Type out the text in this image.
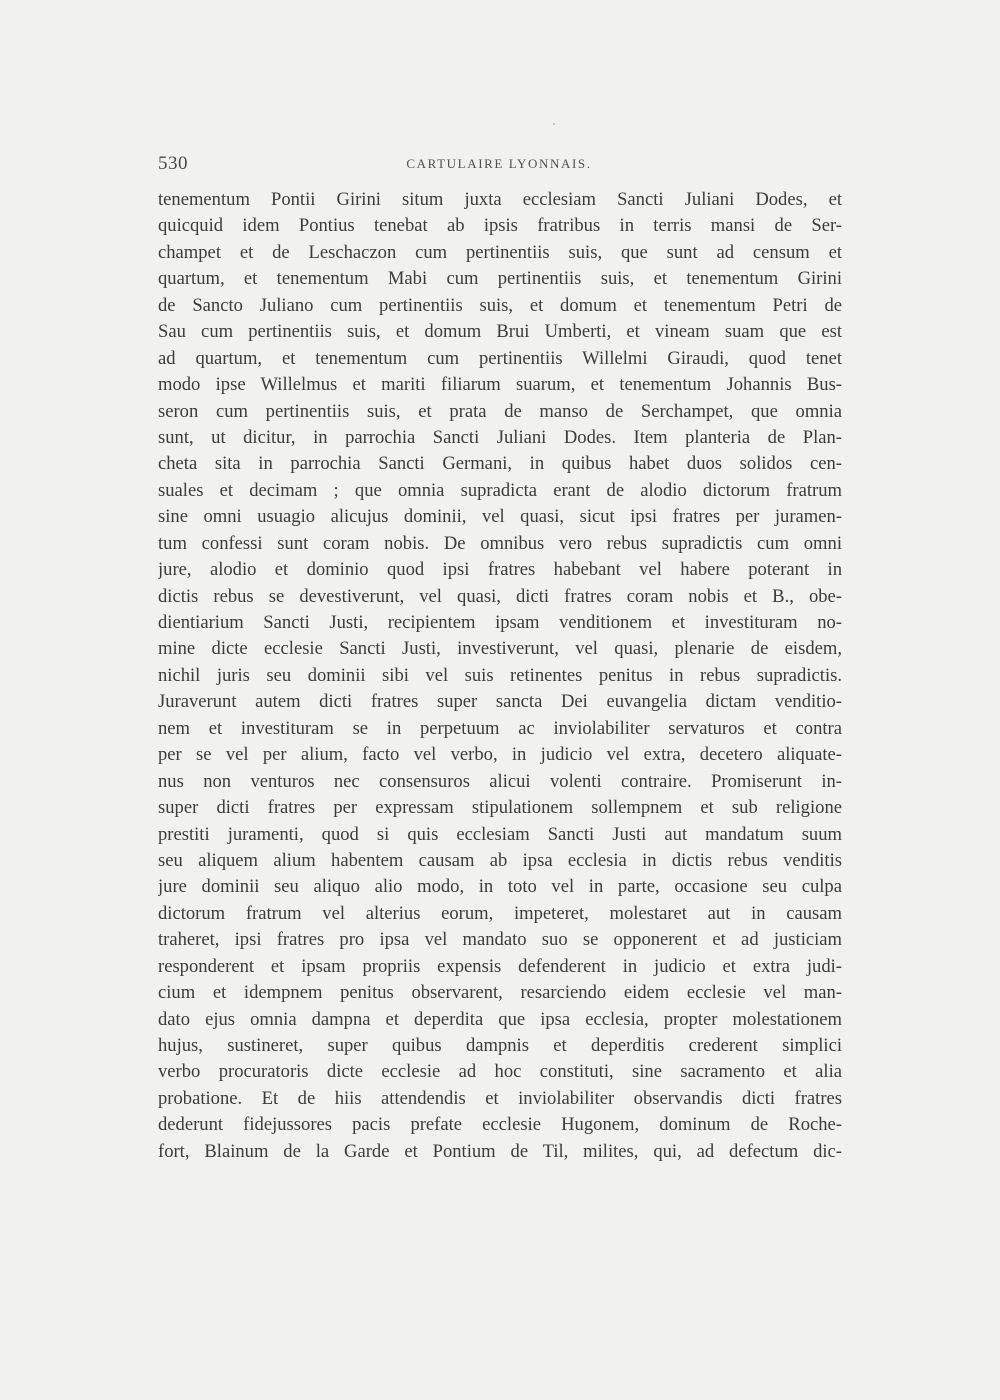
530	CARTULAIRE LYONNAIS.
tenementum Pontii Girini situm juxta ecclesiam Sancti Juliani Dodes, et
quicquid idem Pontius tenebat ab ipsis fratribus in terris mansi de Ser-
champet et de Leschaczon cum pertinentiis suis, que sunt ad censum et
quartum, et tenementum Mabi cum pertinentiis suis, et tenementum Girini
de Sancto Juliano cum pertinentiis suis, et domum et tenementum Petri de
Sau cum pertinentiis suis, et domum Brui Umberti, et vineam suam que est
ad quartum, et tenementum cum pertinentiis Willelmi Giraudi, quod tenet
modo ipse Willelmus et mariti filiarum suarum, et tenementum Johannis Bus-
seron cum pertinentiis suis, et prata de manso de Serchampet, que omnia
sunt, ut dicitur, in parrochia Sancti Juliani Dodes. Item planteria de Plan-
cheta sita in parrochia Sancti Germani, in quibus habet duos solidos cen-
suales et decimam ; que omnia supradicta erant de alodio dictorum fratrum
sine omni usuagio alicujus dominii, vel quasi, sicut ipsi fratres per juramen-
tum confessi sunt coram nobis. De omnibus vero rebus supradictis cum omni
jure, alodio et dominio quod ipsi fratres habebant vel habere poterant in
dictis rebus se devestiverunt, vel quasi, dicti fratres coram nobis et B., obe-
dientiarium Sancti Justi, recipientem ipsam venditionem et investituram no-
mine dicte ecclesie Sancti Justi, investiverunt, vel quasi, plenarie de eisdem,
nichil juris seu dominii sibi vel suis retinentes penitus in rebus supradictis.
Juraverunt autem dicti fratres super sancta Dei euvangelia dictam venditio-
nem et investituram se in perpetuum ac inviolabiliter servaturos et contra
per se vel per alium, facto vel verbo, in judicio vel extra, decetero aliquate-
nus non venturos nec consensuros alicui volenti contraire. Promiserunt in-
super dicti fratres per expressam stipulationem sollempnem et sub religione
prestiti juramenti, quod si quis ecclesiam Sancti Justi aut mandatum suum
seu aliquem alium habentem causam ab ipsa ecclesia in dictis rebus venditis
jure dominii seu aliquo alio modo, in toto vel in parte, occasione seu culpa
dictorum fratrum vel alterius eorum, impeteret, molestaret aut in causam
traheret, ipsi fratres pro ipsa vel mandato suo se opponerent et ad justiciam
responderent et ipsam propriis expensis defenderent in judicio et extra judi-
cium et idempnem penitus observarent, resarciendo eidem ecclesie vel man-
dato ejus omnia dampna et deperdita que ipsa ecclesia, propter molestationem
hujus, sustineret, super quibus dampnis et deperditis crederent simplici
verbo procuratoris dicte ecclesie ad hoc constituti, sine sacramento et alia
probatione. Et de hiis attendendis et inviolabiliter observandis dicti fratres
dederunt fidejussores pacis prefate ecclesie Hugonem, dominum de Roche-
fort, Blainum de la Garde et Pontium de Til, milites, qui, ad defectum dic-
